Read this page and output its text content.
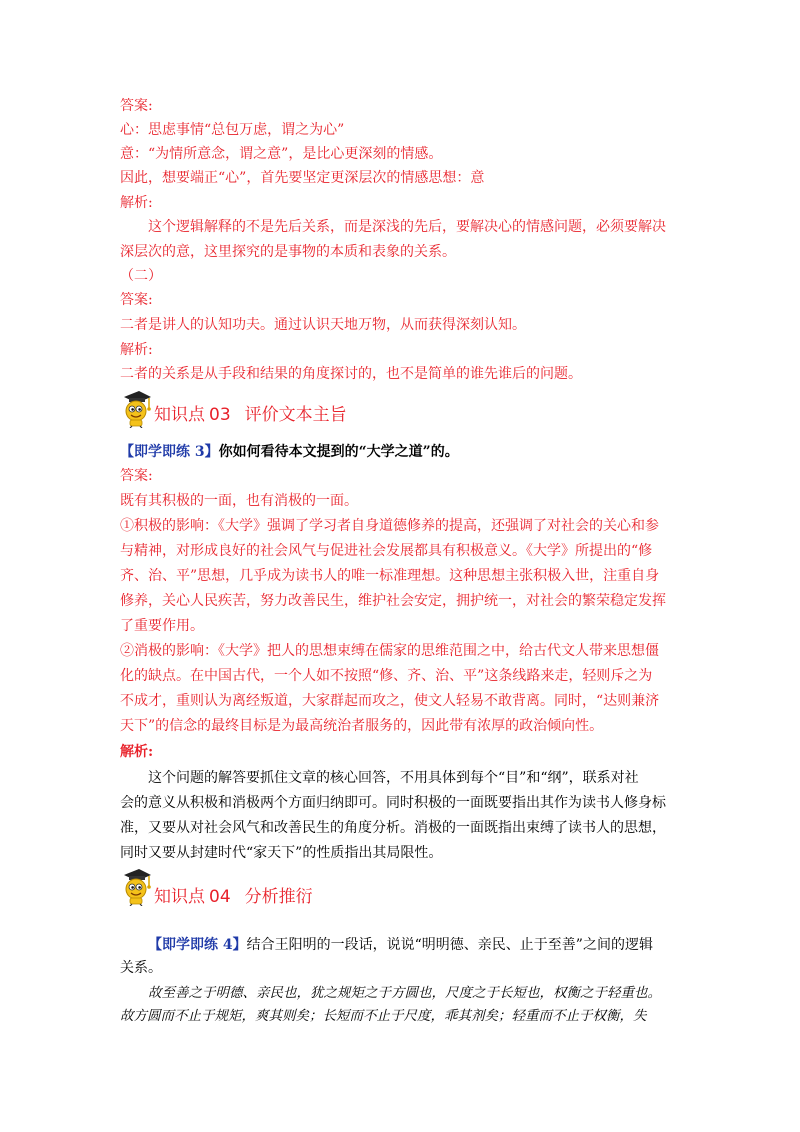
答案:
心：思虑事情“总包万虑，谓之为心”
意：“为情所意念，谓之意”，是比心更深刻的情感。
因此，想要端正“心”，首先要坚定更深层次的情感思想：意
解析:
这个逻辑解释的不是先后关系，而是深浅的先后，要解决心的情感问题，必须要解决
深层次的意，这里探究的是事物的本质和表象的关系。
（二）
答案:
二者是讲人的认知功夫。通过认识天地万物，从而获得深刻认知。
解析:
二者的关系是从手段和结果的角度探讨的，也不是简单的谁先谁后的问题。
知识点 03 评价文本主旨
【即学即练 3】你如何看待本文提到的“大学之道”的。
答案:
既有其积极的一面，也有消极的一面。
①积极的影响：《大学》强调了学习者自身道德修养的提高，还强调了对社会的关心和参
与精神，对形成良好的社会风气与促进社会发展都具有积极意义。《大学》所提出的“修
齐、治、平”思想，几乎成为读书人的唯一标准理想。这种思想主张积极入世，注重自身
修养，关心人民疾苦，努力改善民生，维护社会安定，拥护统一，对社会的繁荣稳定发挥
了重要作用。
②消极的影响：《大学》把人的思想束缚在儒家的思维范围之中，给古代文人带来思想僵
化的缺点。在中国古代，一个人如不按照“修、齐、治、平”这条线路来走，轻则斥之为
不成才，重则认为离经叛道，大家群起而攻之，使文人轻易不敢背离。同时，“达则兼济
天下”的信念的最终目标是为最高统治者服务的，因此带有浓厚的政治倾向性。
解析:
这个问题的解答要抓住文章的核心回答，不用具体到每个“目”和“纲”，联系对社
会的意义从积极和消极两个方面归纳即可。同时积极的一面既要指出其作为读书人修身标
准，又要从对社会风气和改善民生的角度分析。消极的一面既指出束缚了读书人的思想，
同时又要从封建时代“家天下”的性质指出其局限性。
知识点 04 分析推衍
【即学即练 4】结合王阳明的一段话，说说“明明德、亲民、止于至善”之间的逻辑
关系。
故至善之于明德、亲民也，犹之规矩之于方圆也，尺度之于长短也，权衡之于轻重也。
故方圆而不止于规矩，爽其则矣；长短而不止于尺度，乖其剂矣；轻重而不止于权衡，失
